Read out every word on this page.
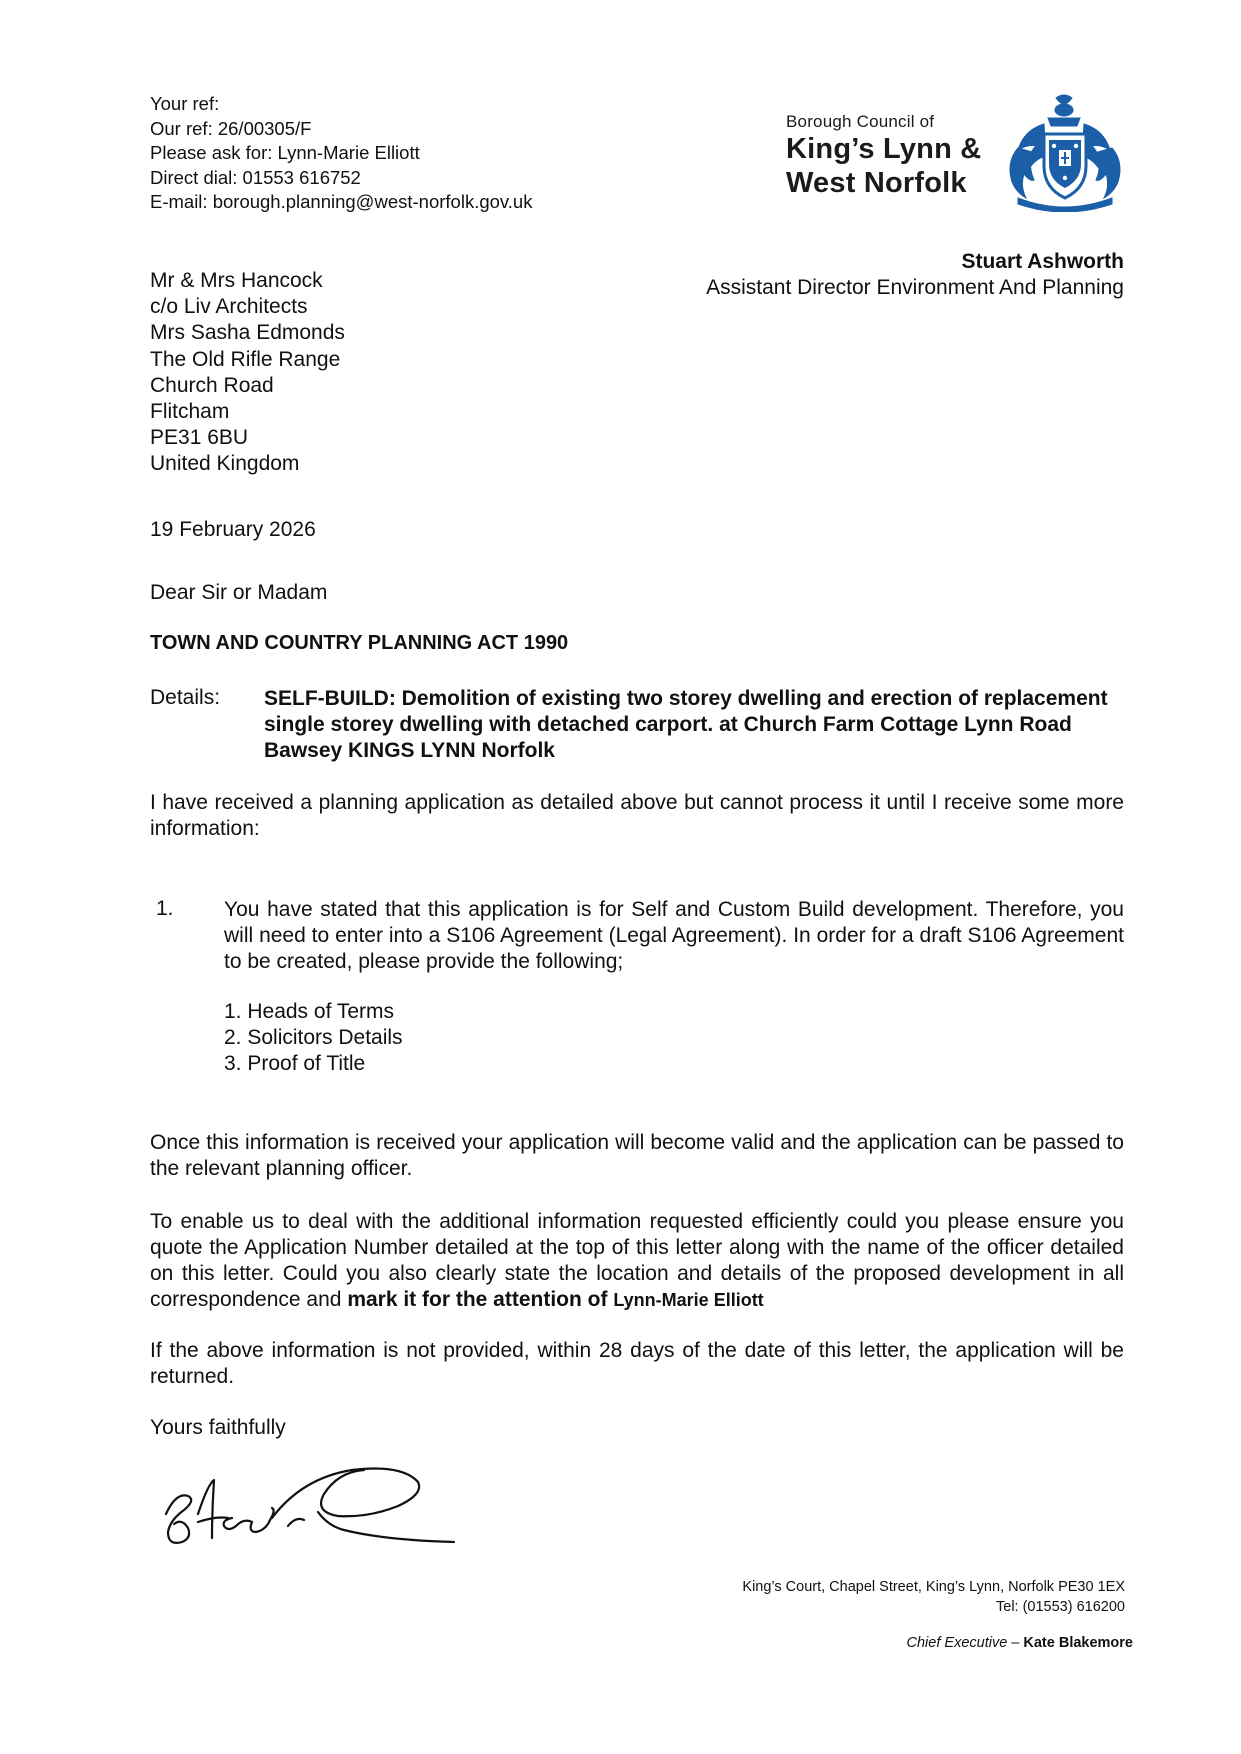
Your ref:
Our ref: 26/00305/F
Please ask for: Lynn-Marie Elliott
Direct dial: 01553 616752
E-mail: borough.planning@west-norfolk.gov.uk
Borough Council of
King’s Lynn &
West Norfolk
Stuart Ashworth
Assistant Director Environment And Planning
Mr & Mrs Hancock
c/o Liv Architects
Mrs Sasha Edmonds
The Old Rifle Range
Church Road
Flitcham
PE31 6BU
United Kingdom
19 February 2026
Dear Sir or Madam
TOWN AND COUNTRY PLANNING ACT 1990
Details: SELF-BUILD: Demolition of existing two storey dwelling and erection of replacement single storey dwelling with detached carport. at Church Farm Cottage Lynn Road Bawsey KINGS LYNN Norfolk
I have received a planning application as detailed above but cannot process it until I receive some more information:
1. You have stated that this application is for Self and Custom Build development. Therefore, you will need to enter into a S106 Agreement (Legal Agreement). In order for a draft S106 Agreement to be created, please provide the following;
1. Heads of Terms
2. Solicitors Details
3. Proof of Title
Once this information is received your application will become valid and the application can be passed to the relevant planning officer.
To enable us to deal with the additional information requested efficiently could you please ensure you quote the Application Number detailed at the top of this letter along with the name of the officer detailed on this letter. Could you also clearly state the location and details of the proposed development in all correspondence and mark it for the attention of Lynn-Marie Elliott
If the above information is not provided, within 28 days of the date of this letter, the application will be returned.
Yours faithfully
King’s Court, Chapel Street, King’s Lynn, Norfolk PE30 1EX
Tel: (01553) 616200
Chief Executive – Kate Blakemore
